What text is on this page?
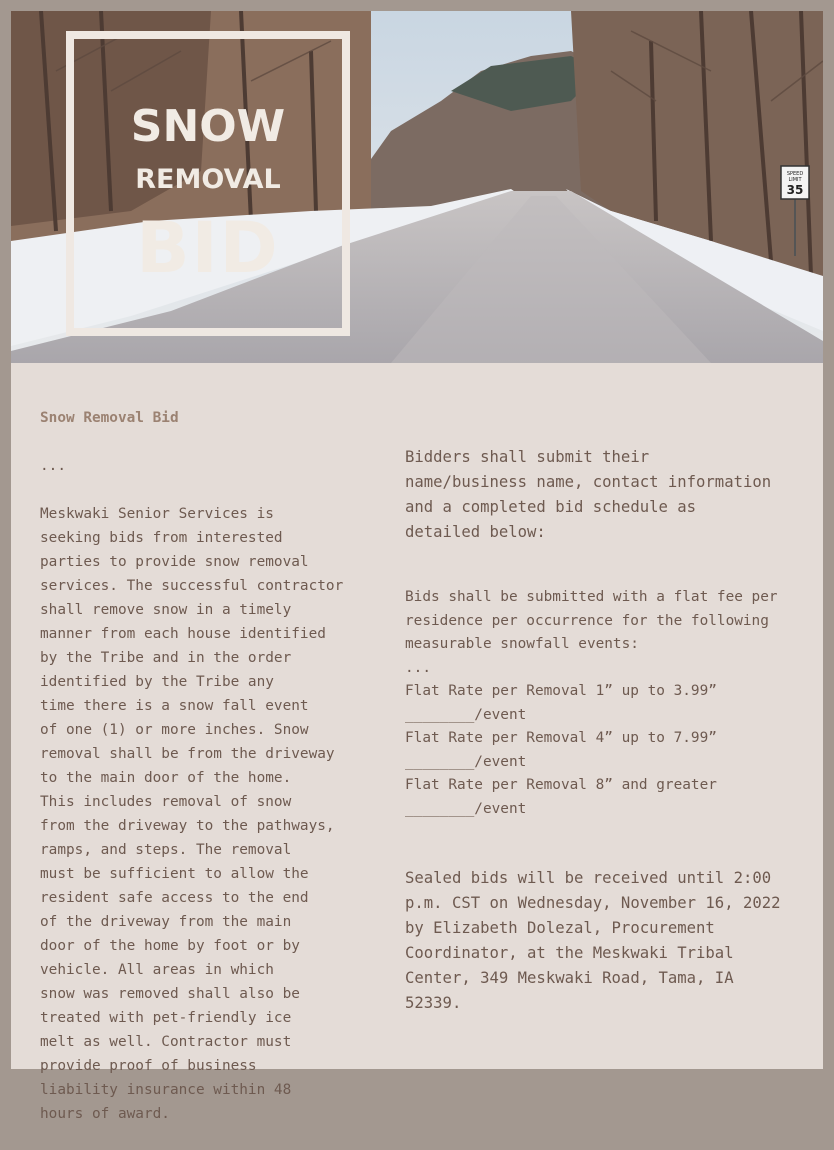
SPEED
LIMIT
35
SNOW
REMOVAL
BID

Snow Removal Bid

...

Meskwaki Senior Services is
seeking bids from interested
parties to provide snow removal
services. The successful contractor
shall remove snow in a timely
manner from each house identified
by the Tribe and in the order
identified by the Tribe any
time there is a snow fall event
of one (1) or more inches. Snow
removal shall be from the driveway
to the main door of the home.
This includes removal of snow
from the driveway to the pathways,
ramps, and steps. The removal
must be sufficient to allow the
resident safe access to the end
of the driveway from the main
door of the home by foot or by
vehicle. All areas in which
snow was removed shall also be
treated with pet-friendly ice
melt as well. Contractor must
provide proof of business
liability insurance within 48
hours of award.

Bidders shall submit their
name/business name, contact information
and a completed bid schedule as
detailed below:

Bids shall be submitted with a flat fee per
residence per occurrence for the following
measurable snowfall events:
...

Flat Rate per Removal 1” up to 3.99”
________/event
Flat Rate per Removal 4” up to 7.99”
________/event
Flat Rate per Removal 8” and greater
________/event

Sealed bids will be received until 2:00
p.m. CST on Wednesday, November 16, 2022
by Elizabeth Dolezal, Procurement
Coordinator, at the Meskwaki Tribal
Center, 349 Meskwaki Road, Tama, IA
52339.
